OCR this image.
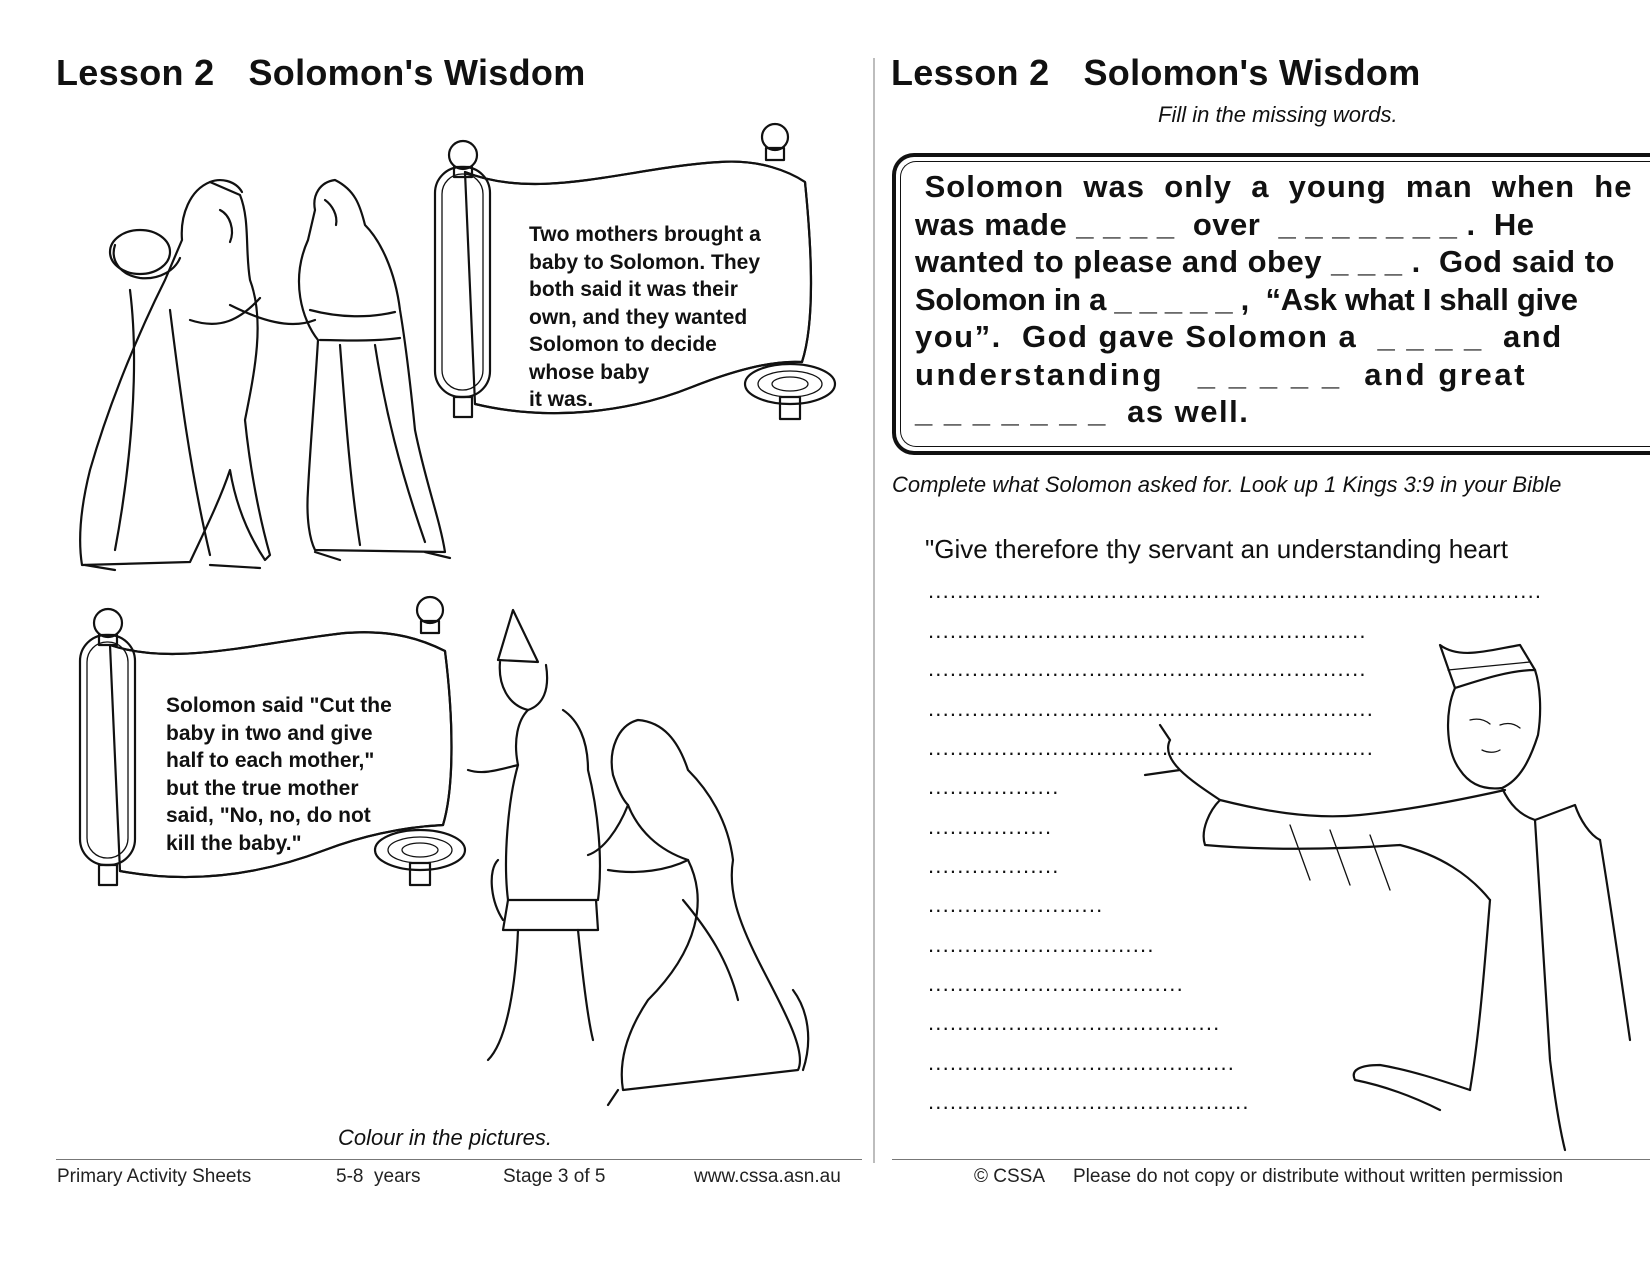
Lesson 2 Solomon's Wisdom
Two mothers brought a
baby to Solomon. They
both said it was their
own, and they wanted
Solomon to decide
whose baby
it was.
Solomon said "Cut the
baby in two and give
half to each mother,"
but the true mother
said, "No, no, do not
kill the baby."
Colour in the pictures.
Primary Activity Sheets	5-8  years	Stage 3 of 5	www.cssa.asn.au
Lesson 2 Solomon's Wisdom
Fill in the missing words.
Solomon  was  only  a  young  man  when  he
was made _ _ _ _  over  _ _ _ _ _ _ _ .  He
wanted to please and obey _ _ _ .  God said to
Solomon in a _ _ _ _ _ ,  “Ask what I shall give
you”.  God gave Solomon a  _ _ _ _  and
understanding   _ _ _ _ _  and great
_ _ _ _ _ _ _  as well.
Complete what Solomon asked for. Look up 1 Kings 3:9 in your Bible
"Give therefore thy servant an understanding heart
....................................................................................
............................................................
............................................................
.............................................................
.............................................................
..................
.................
..................
........................
...............................
...................................
........................................
..........................................
............................................
© CSSA Please do not copy or distribute without written permission
